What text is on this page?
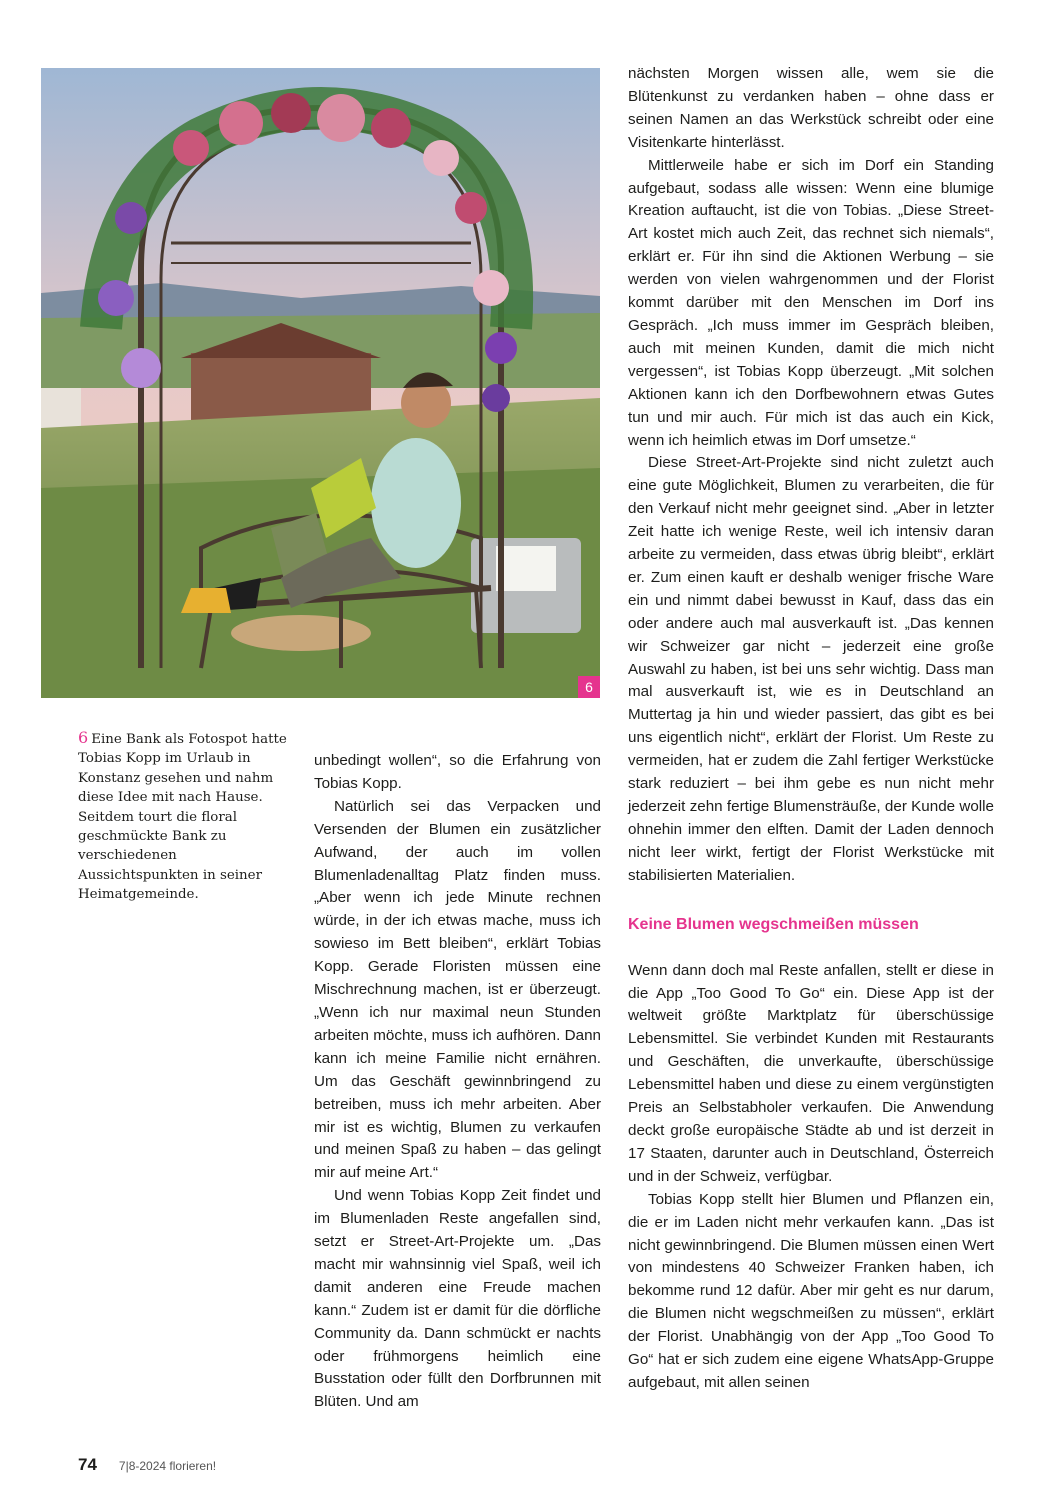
6
6 Eine Bank als Fotospot hatte Tobias Kopp im Urlaub in Konstanz gesehen und nahm diese Idee mit nach Hause. Seitdem tourt die floral geschmückte Bank zu verschiedenen Aussichtspunkten in seiner Heimatgemeinde.

unbedingt wollen“, so die Erfahrung von Tobias Kopp.

Natürlich sei das Verpacken und Versenden der Blumen ein zusätzlicher Aufwand, der auch im vollen Blumenladenalltag Platz finden muss. „Aber wenn ich jede Minute rechnen würde, in der ich etwas mache, muss ich sowieso im Bett bleiben“, erklärt Tobias Kopp. Gerade Floristen müssen eine Mischrechnung machen, ist er überzeugt. „Wenn ich nur maximal neun Stunden arbeiten möchte, muss ich aufhören. Dann kann ich meine Familie nicht ernähren. Um das Geschäft gewinnbringend zu betreiben, muss ich mehr arbeiten. Aber mir ist es wichtig, Blumen zu verkaufen und meinen Spaß zu haben – das gelingt mir auf meine Art.“

Und wenn Tobias Kopp Zeit findet und im Blumenladen Reste angefallen sind, setzt er Street-Art-Projekte um. „Das macht mir wahnsinnig viel Spaß, weil ich damit anderen eine Freude machen kann.“ Zudem ist er damit für die dörfliche Community da. Dann schmückt er nachts oder frühmorgens heimlich eine Busstation oder füllt den Dorfbrunnen mit Blüten. Und am

nächsten Morgen wissen alle, wem sie die Blütenkunst zu verdanken haben – ohne dass er seinen Namen an das Werkstück schreibt oder eine Visitenkarte hinterlässt.

Mittlerweile habe er sich im Dorf ein Standing aufgebaut, sodass alle wissen: Wenn eine blumige Kreation auftaucht, ist die von Tobias. „Diese Street-Art kostet mich auch Zeit, das rechnet sich niemals“, erklärt er. Für ihn sind die Aktionen Werbung – sie werden von vielen wahrgenommen und der Florist kommt darüber mit den Menschen im Dorf ins Gespräch. „Ich muss immer im Gespräch bleiben, auch mit meinen Kunden, damit die mich nicht vergessen“, ist Tobias Kopp überzeugt. „Mit solchen Aktionen kann ich den Dorfbewohnern etwas Gutes tun und mir auch. Für mich ist das auch ein Kick, wenn ich heimlich etwas im Dorf umsetze.“

Diese Street-Art-Projekte sind nicht zuletzt auch eine gute Möglichkeit, Blumen zu verarbeiten, die für den Verkauf nicht mehr geeignet sind. „Aber in letzter Zeit hatte ich wenige Reste, weil ich intensiv daran arbeite zu vermeiden, dass etwas übrig bleibt“, erklärt er. Zum einen kauft er deshalb weniger frische Ware ein und nimmt dabei bewusst in Kauf, dass das ein oder andere auch mal ausverkauft ist. „Das kennen wir Schweizer gar nicht – jederzeit eine große Auswahl zu haben, ist bei uns sehr wichtig. Dass man mal ausverkauft ist, wie es in Deutschland an Muttertag ja hin und wieder passiert, das gibt es bei uns eigentlich nicht“, erklärt der Florist. Um Reste zu vermeiden, hat er zudem die Zahl fertiger Werkstücke stark reduziert – bei ihm gebe es nun nicht mehr jederzeit zehn fertige Blumensträuße, der Kunde wolle ohnehin immer den elften. Damit der Laden dennoch nicht leer wirkt, fertigt der Florist Werkstücke mit stabilisierten Materialien.

Keine Blumen wegschmeißen müssen

Wenn dann doch mal Reste anfallen, stellt er diese in die App „Too Good To Go“ ein. Diese App ist der weltweit größte Marktplatz für überschüssige Lebensmittel. Sie verbindet Kunden mit Restaurants und Geschäften, die unverkaufte, überschüssige Lebensmittel haben und diese zu einem vergünstigten Preis an Selbstabholer verkaufen. Die Anwendung deckt große europäische Städte ab und ist derzeit in 17 Staaten, darunter auch in Deutschland, Österreich und in der Schweiz, verfügbar.

Tobias Kopp stellt hier Blumen und Pflanzen ein, die er im Laden nicht mehr verkaufen kann. „Das ist nicht gewinnbringend. Die Blumen müssen einen Wert von mindestens 40 Schweizer Franken haben, ich bekomme rund 12 dafür. Aber mir geht es nur darum, die Blumen nicht wegschmeißen zu müssen“, erklärt der Florist. Unabhängig von der App „Too Good To Go“ hat er sich zudem eine eigene WhatsApp-Gruppe aufgebaut, mit allen seinen

74 7|8-2024 florieren!
